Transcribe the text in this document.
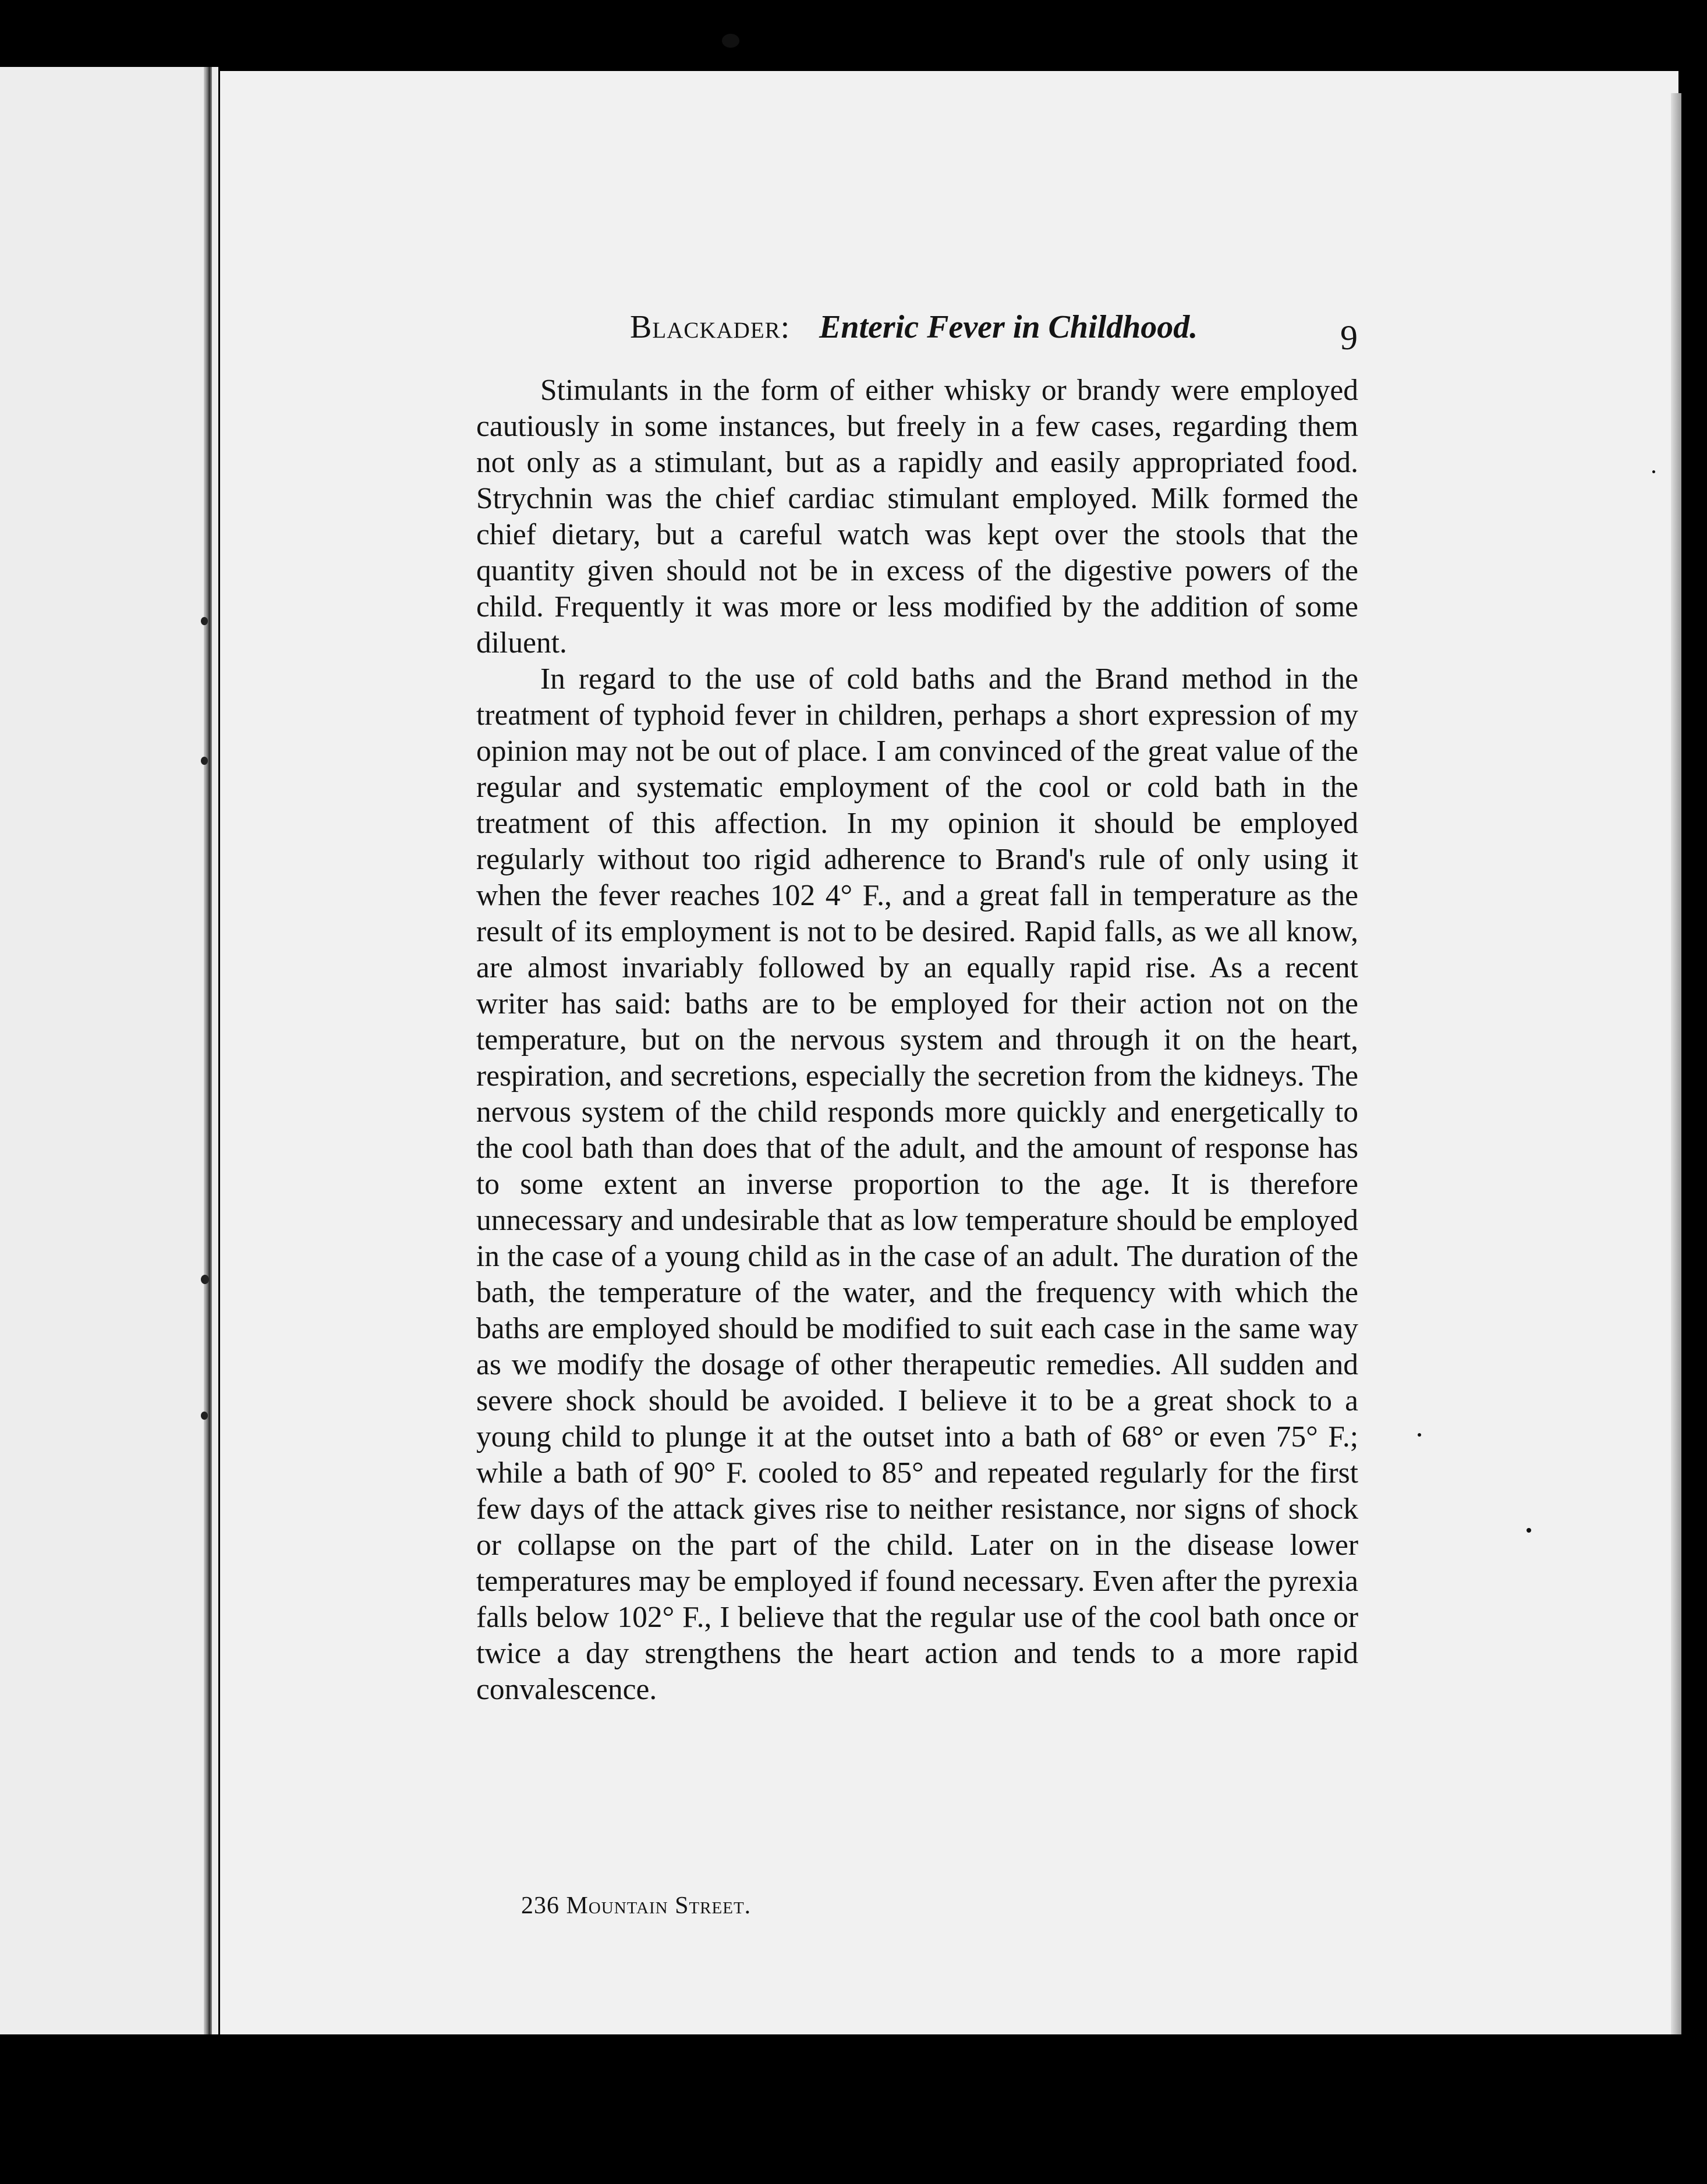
Blackader: Enteric Fever in Childhood.	9

Stimulants in the form of either whisky or brandy were employed cautiously in some instances, but freely in a few cases, regarding them not only as a stimulant, but as a rapidly and easily appropriated food. Strychnin was the chief cardiac stimulant employed. Milk formed the chief dietary, but a careful watch was kept over the stools that the quantity given should not be in excess of the digestive powers of the child. Frequently it was more or less modified by the addition of some diluent.

In regard to the use of cold baths and the Brand method in the treatment of typhoid fever in children, perhaps a short expression of my opinion may not be out of place. I am convinced of the great value of the regular and systematic employment of the cool or cold bath in the treatment of this affection. In my opinion it should be employed regularly without too rigid adherence to Brand's rule of only using it when the fever reaches 102 4° F., and a great fall in temperature as the result of its employment is not to be desired. Rapid falls, as we all know, are almost invariably followed by an equally rapid rise. As a recent writer has said: baths are to be employed for their action not on the temperature, but on the nervous system and through it on the heart, respiration, and secretions, especially the secretion from the kidneys. The nervous system of the child responds more quickly and energetically to the cool bath than does that of the adult, and the amount of response has to some extent an inverse proportion to the age. It is therefore unnecessary and undesirable that as low temperature should be employed in the case of a young child as in the case of an adult. The duration of the bath, the temperature of the water, and the frequency with which the baths are employed should be modified to suit each case in the same way as we modify the dosage of other therapeutic remedies. All sudden and severe shock should be avoided. I believe it to be a great shock to a young child to plunge it at the outset into a bath of 68° or even 75° F.; while a bath of 90° F. cooled to 85° and repeated regularly for the first few days of the attack gives rise to neither resistance, nor signs of shock or collapse on the part of the child. Later on in the disease lower temperatures may be employed if found necessary. Even after the pyrexia falls below 102° F., I believe that the regular use of the cool bath once or twice a day strengthens the heart action and tends to a more rapid convalescence.

236 Mountain Street.
